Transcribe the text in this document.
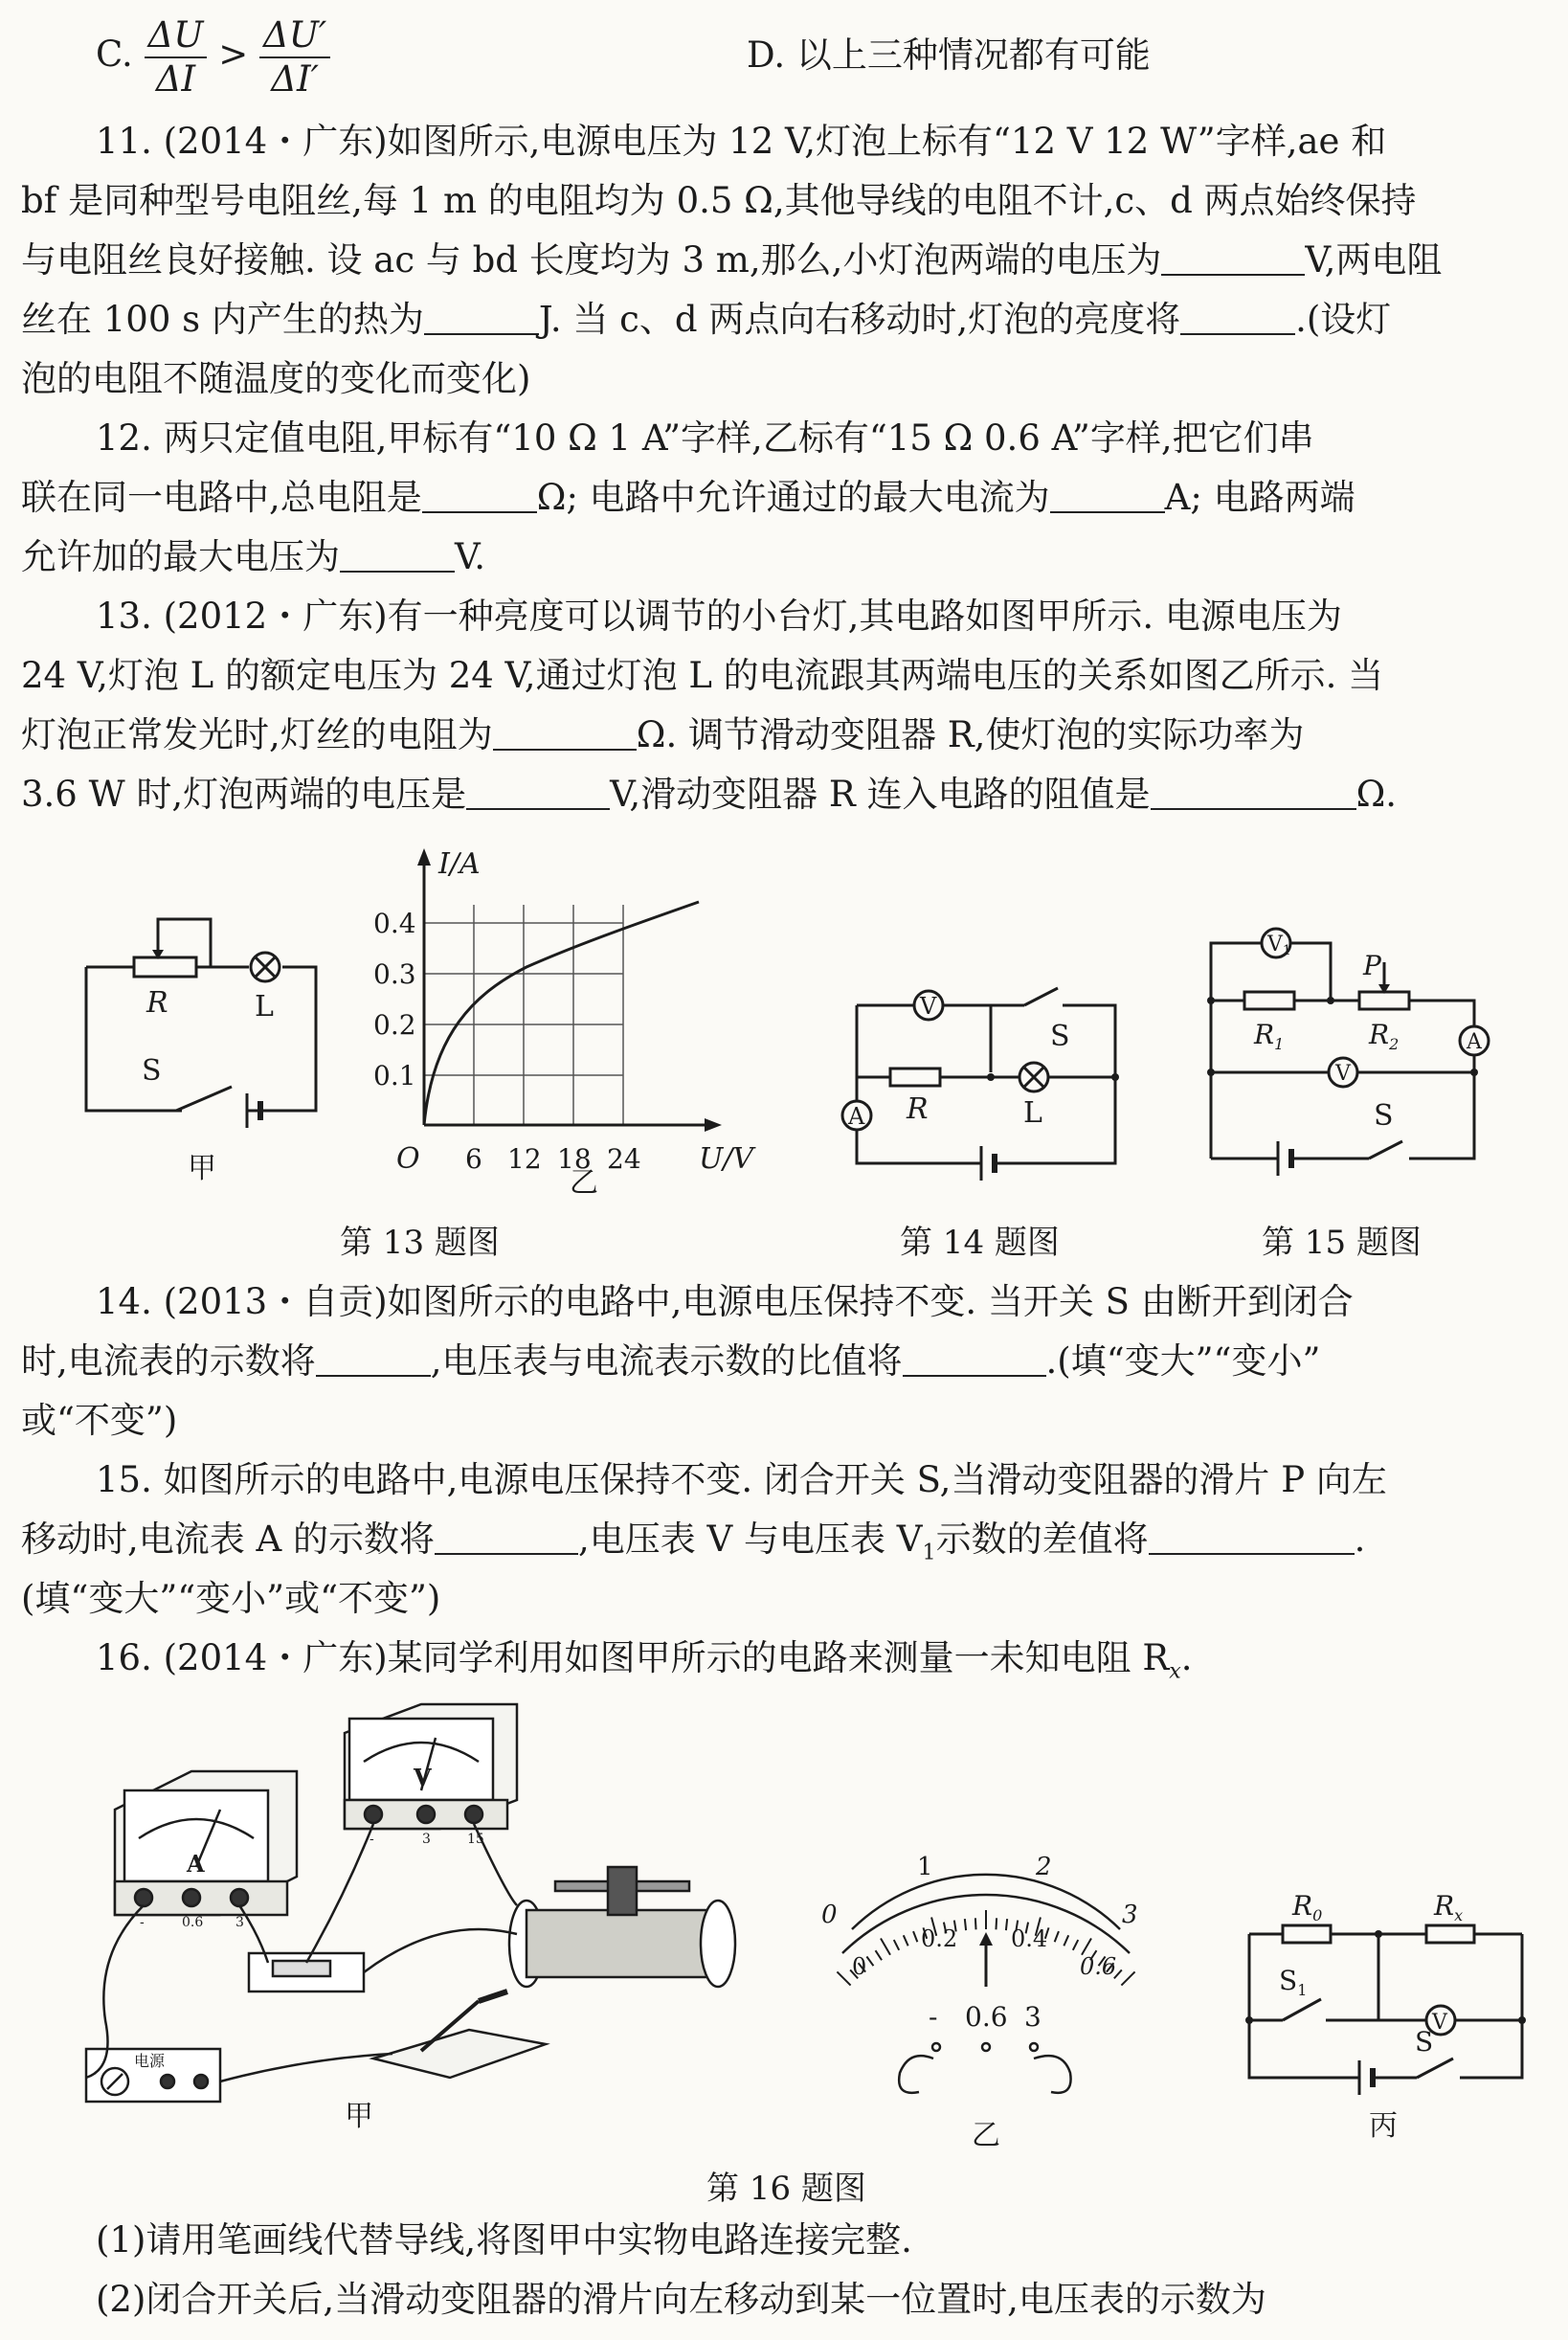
C. $\frac{\Delta U}{\Delta I} > \frac{\Delta U'}{\Delta I'}$	D. 以上三种情况都有可能
11. (2014・广东)如图所示,电源电压为 12 V,灯泡上标有“12 V 12 W”字样,ae 和
bf 是同种型号电阻丝,每 1 m 的电阻均为 0.5 Ω,其他导线的电阻不计,c、d 两点始终保持
与电阻丝良好接触. 设 ac 与 bd 长度均为 3 m,那么,小灯泡两端的电压为	V,两电阻
丝在 100 s 内产生的热为	J. 当 c、d 两点向右移动时,灯泡的亮度将	.(设灯
泡的电阻不随温度的变化而变化)
12. 两只定值电阻,甲标有“10 Ω 1 A”字样,乙标有“15 Ω 0.6 A”字样,把它们串
联在同一电路中,总电阻是	Ω; 电路中允许通过的最大电流为	A; 电路两端
允许加的最大电压为	V.
13. (2012・广东)有一种亮度可以调节的小台灯,其电路如图甲所示. 电源电压为
24 V,灯泡 L 的额定电压为 24 V,通过灯泡 L 的电流跟其两端电压的关系如图乙所示. 当
灯泡正常发光时,灯丝的电阻为	Ω. 调节滑动变阻器 R,使灯泡的实际功率为
3.6 W 时,灯泡两端的电压是	V,滑动变阻器 R 连入电路的阻值是	Ω.
R	L
S
甲
I/A
U/V
O
0.4
0.3
0.2
0.1
6 12 18 24
乙
第 13 题图
V
S
A R	L
第 14 题图
V1	P
$R_1$	$R_2$	A
V
S
第 15 题图
14. (2013・自贡)如图所示的电路中,电源电压保持不变. 当开关 S 由断开到闭合
时,电流表的示数将	,电压表与电流表示数的比值将	.(填“变大”“变小”
或“不变”)
15. 如图所示的电路中,电源电压保持不变. 闭合开关 S,当滑动变阻器的滑片 P 向左
移动时,电流表 A 的示数将	,电压表 V 与电压表 $V_1$示数的差值将	.
(填“变大”“变小”或“不变”)
16. (2014・广东)某同学利用如图甲所示的电路来测量一未知电阻 $R_x$.
A
V
电源
-	0.6 3
-	3	15
甲
1	2
3
0
0
0.2 0.4
0.6
- 0.6 3
乙
$R_0$	$R_x$
$S_1$
V
S
丙
第 16 题图
(1)请用笔画线代替导线,将图甲中实物电路连接完整.
(2)闭合开关后,当滑动变阻器的滑片向左移动到某一位置时,电压表的示数为
